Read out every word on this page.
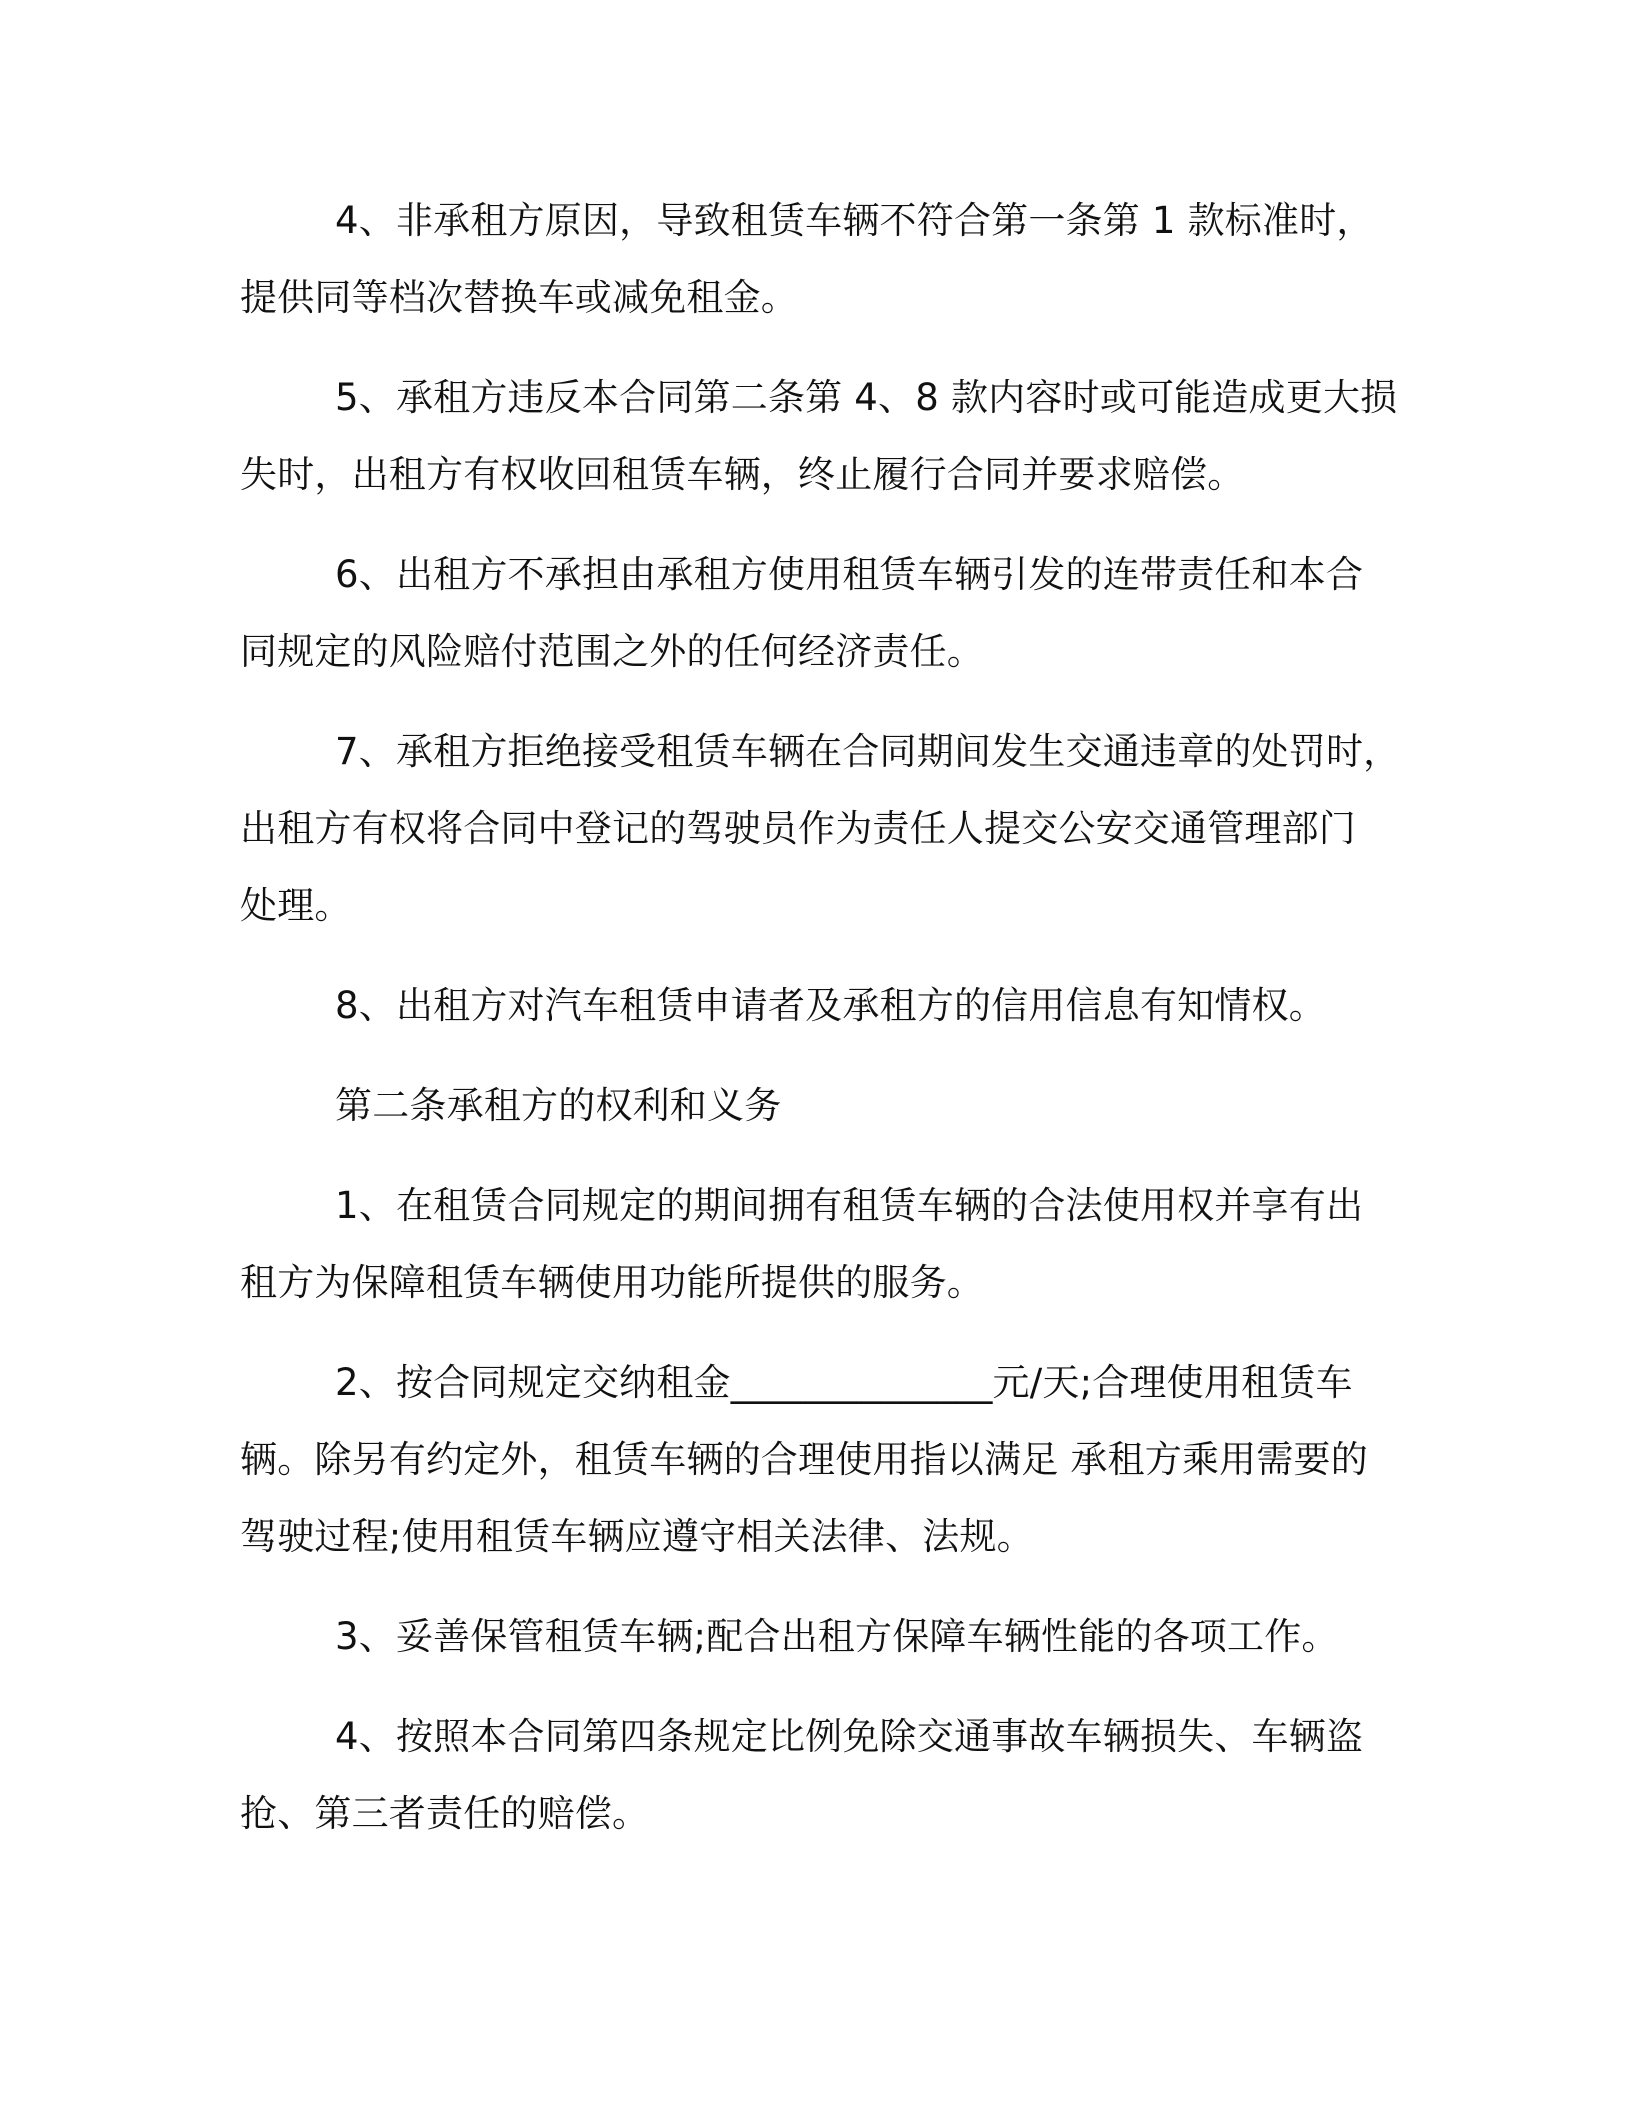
4、非承租方原因，导致租赁车辆不符合第一条第 1 款标准时，
提供同等档次替换车或减免租金。

5、承租方违反本合同第二条第 4、8 款内容时或可能造成更大损
失时，出租方有权收回租赁车辆，终止履行合同并要求赔偿。

6、出租方不承担由承租方使用租赁车辆引发的连带责任和本合
同规定的风险赔付范围之外的任何经济责任。

7、承租方拒绝接受租赁车辆在合同期间发生交通违章的处罚时，
出租方有权将合同中登记的驾驶员作为责任人提交公安交通管理部门
处理。

8、出租方对汽车租赁申请者及承租方的信用信息有知情权。

第二条承租方的权利和义务

1、在租赁合同规定的期间拥有租赁车辆的合法使用权并享有出
租方为保障租赁车辆使用功能所提供的服务。

2、按合同规定交纳租金______________元/天;合理使用租赁车
辆。除另有约定外，租赁车辆的合理使用指以满足 承租方乘用需要的
驾驶过程;使用租赁车辆应遵守相关法律、法规。

3、妥善保管租赁车辆;配合出租方保障车辆性能的各项工作。

4、按照本合同第四条规定比例免除交通事故车辆损失、车辆盗
抢、第三者责任的赔偿。
